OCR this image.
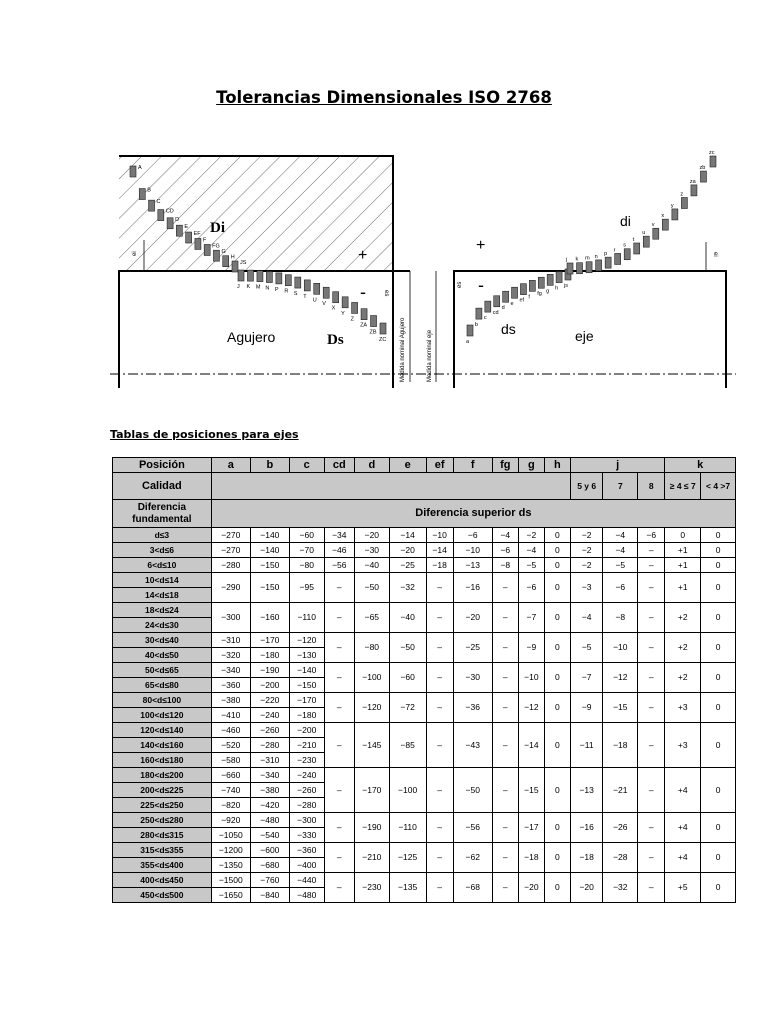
Tolerancias Dimensionales ISO 2768
Di
Ds
+
-
Agujero
di
ds
+
-
eje
ei
es
ei
es
Medida nominal Agujero	Medida nominal eje
A
B
C
CD
D
E
EF
F
FG
G
H
JS
J K M N P R S T
U
V
X
Y
Z
ZA
ZB
ZC	a
b
c
cd
d
e
ef
f
fg g h js
j k m n p
r
s
t
u
v
x
y
z
za
zb
zc
Tablas de posiciones para ejes
Posición	a	b	c	cd	d	e	ef	f	fg	g	h	j			k	
Calidad												5 y 6	7	8	≥ 4 ≤ 7	< 4 >7
Diferencia fundamental	Diferencia superior ds															
d≤3	−270	−140	−60	−34	−20	−14	−10	−6	−4	−2	0	−2	−4	−6	0	0
3<d≤6	−270	−140	−70	−46	−30	−20	−14	−10	−6	−4	0	−2	−4	–	+1	0
6<d≤10	−280	−150	−80	−56	−40	−25	−18	−13	−8	−5	0	−2	−5	–	+1	0
10<d≤14	−290	−150	−95	–	−50	−32	–	−16	–	−6	0	−3	−6	–	+1	0
14<d≤18																
18<d≤24	−300	−160	−110	–	−65	−40	–	−20	–	−7	0	−4	−8	–	+2	0
24<d≤30																
30<d≤40	−310	−170	−120	–	−80	−50	–	−25	–	−9	0	−5	−10	–	+2	0
40<d≤50	−320	−180	−130													
50<d≤65	−340	−190	−140	–	−100	−60	–	−30	–	−10	0	−7	−12	–	+2	0
65<d≤80	−360	−200	−150													
80<d≤100	−380	−220	−170	–	−120	−72	–	−36	–	−12	0	−9	−15	–	+3	0
100<d≤120	−410	−240	−180													
120<d≤140	−460	−260	−200	–	−145	−85	–	−43	–	−14	0	−11	−18	–	+3	0
140<d≤160	−520	−280	−210													
160<d≤180	−580	−310	−230													
180<d≤200	−660	−340	−240	–	−170	−100	–	−50	–	−15	0	−13	−21	–	+4	0
200<d≤225	−740	−380	−260													
225<d≤250	−820	−420	−280													
250<d≤280	−920	−480	−300	–	−190	−110	–	−56	–	−17	0	−16	−26	–	+4	0
280<d≤315	−1050	−540	−330													
315<d≤355	−1200	−600	−360	–	−210	−125	–	−62	–	−18	0	−18	−28	–	+4	0
355<d≤400	−1350	−680	−400													
400<d≤450	−1500	−760	−440	–	−230	−135	–	−68	–	−20	0	−20	−32	–	+5	0
450<d≤500	−1650	−840	−480													
